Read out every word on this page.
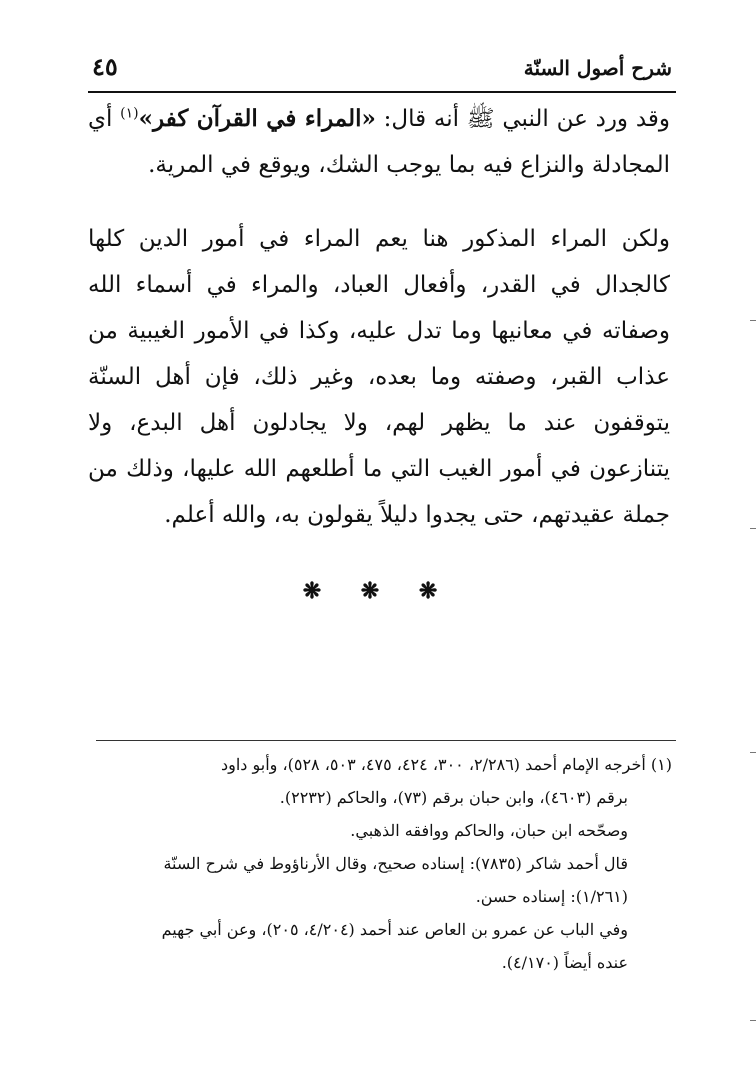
شرح أصول السنّة
٤٥

وقد ورد عن النبي ﷺ أنه قال: «المراء في القرآن كفر»$^{(١)}$ أي المجادلة والنزاع فيه بما يوجب الشك، ويوقع في المرية.

ولكن المراء المذكور هنا يعم المراء في أمور الدين كلها كالجدال في القدر، وأفعال العباد، والمراء في أسماء الله وصفاته في معانيها وما تدل عليه، وكذا في الأمور الغيبية من عذاب القبر، وصفته وما بعده، وغير ذلك، فإن أهل السنّة يتوقفون عند ما يظهر لهم، ولا يجادلون أهل البدع، ولا يتنازعون في أمور الغيب التي ما أطلعهم الله عليها، وذلك من جملة عقيدتهم، حتى يجدوا دليلاً يقولون به، والله أعلم.

❋ ❋ ❋
(١) أخرجه الإمام أحمد (٢/٢٨٦، ٣٠٠، ٤٢٤، ٤٧٥، ٥٠٣، ٥٢٨)، وأبو داود
برقم (٤٦٠٣)، وابن حبان برقم (٧٣)، والحاكم (٢٢٣٢).
وصحّحه ابن حبان، والحاكم ووافقه الذهبي.
قال أحمد شاكر (٧٨٣٥): إسناده صحيح، وقال الأرناؤوط في شرح السنّة
(١/٢٦١): إسناده حسن.
وفي الباب عن عمرو بن العاص عند أحمد (٤/٢٠٤، ٢٠٥)، وعن أبي جهيم
عنده أيضاً (٤/١٧٠).
